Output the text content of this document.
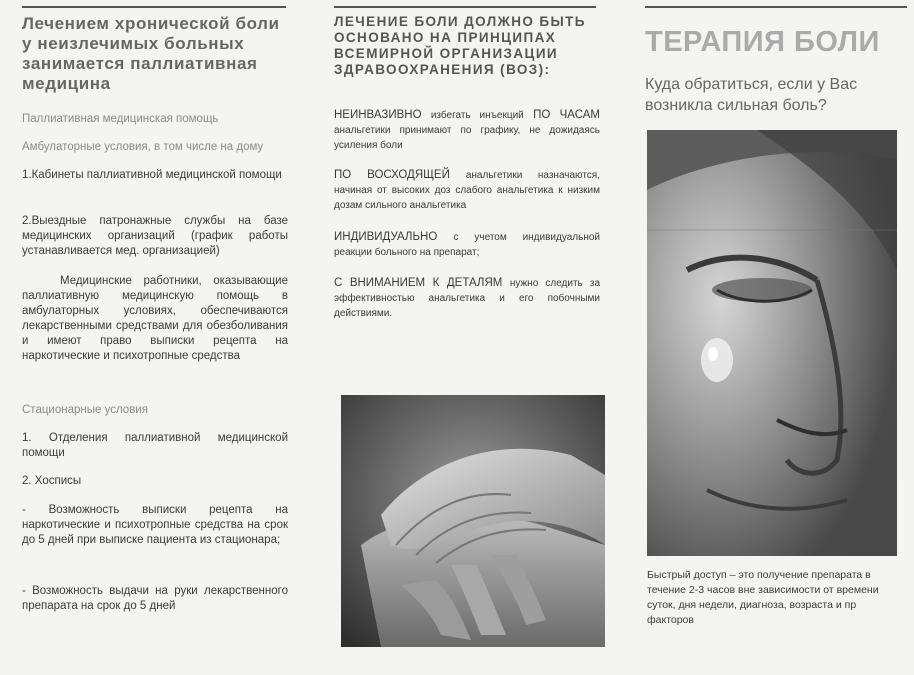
Лечением хронической боли у неизлечимых больных занимается паллиативная медицина

Паллиативная медицинская помощь

Амбулаторные условия, в том числе на дому

1.Кабинеты паллиативной медицинской помощи

2.Выездные патронажные службы на базе медицинских организаций (график работы устанавливается мед. организацией)

Медицинские работники, оказывающие паллиативную медицинскую помощь в амбулаторных условиях, обеспечиваются лекарственными средствами для обезболивания и имеют право выписки рецепта на наркотические и психотропные средства

Стационарные условия

1. Отделения паллиативной медицинской помощи

2. Хосписы

- Возможность выписки рецепта на наркотические и психотропные средства на срок до 5 дней при выписке пациента из стационара;

- Возможность выдачи на руки лекарственного препарата на срок до 5 дней

ЛЕЧЕНИЕ БОЛИ ДОЛЖНО БЫТЬ ОСНОВАНО НА ПРИНЦИПАХ ВСЕМИРНОЙ ОРГАНИЗАЦИИ ЗДРАВООХРАНЕНИЯ (ВОЗ):

НЕИНВАЗИВНО избегать инъекций ПО ЧАСАМ анальгетики принимают по графику, не дожидаясь усиления боли

ПО ВОСХОДЯЩЕЙ анальгетики назначаются, начиная от высоких доз слабого анальгетика к низким дозам сильного анальгетика

ИНДИВИДУАЛЬНО с учетом индивидуальной реакции больного на препарат;

С ВНИМАНИЕМ К ДЕТАЛЯМ нужно следить за эффективностью анальгетика и его побочными действиями.

ТЕРАПИЯ БОЛИ

Куда обратиться, если у Вас возникла сильная боль?

Быстрый доступ – это получение препарата в течение 2-3 часов вне зависимости от времени суток, дня недели, диагноза, возраста и пр факторов
